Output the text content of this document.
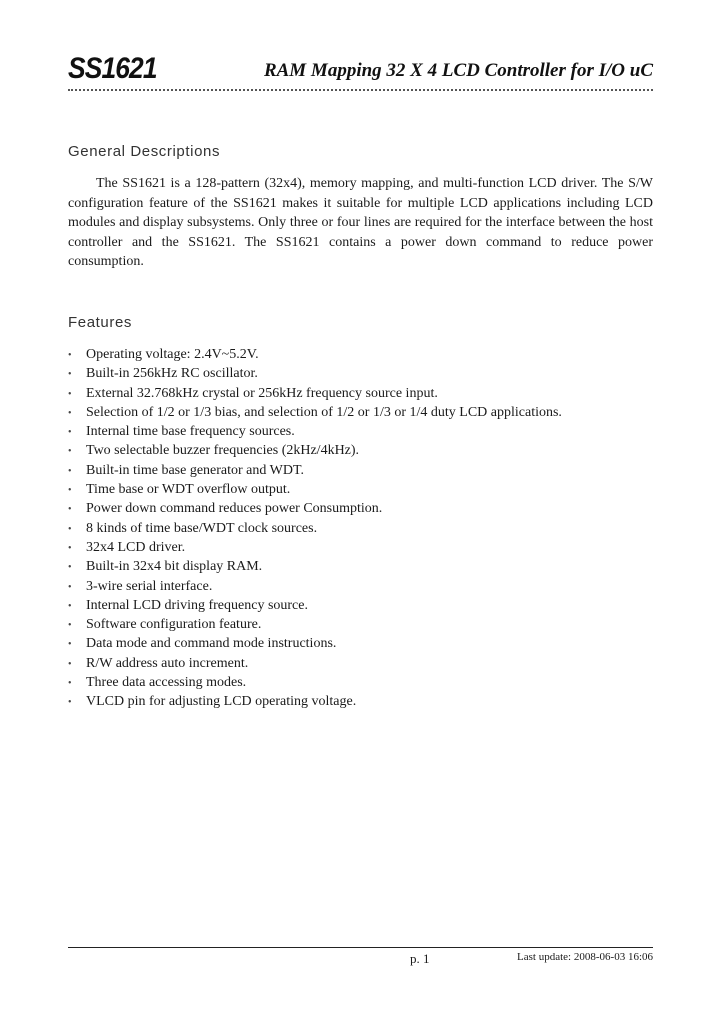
SS1621	RAM Mapping 32 X 4 LCD Controller for I/O uC
General Descriptions
The SS1621 is a 128-pattern (32x4), memory mapping, and multi-function LCD driver. The S/W configuration feature of the SS1621 makes it suitable for multiple LCD applications including LCD modules and display subsystems. Only three or four lines are required for the interface between the host controller and the SS1621. The SS1621 contains a power down command to reduce power consumption.
Features
• Operating voltage: 2.4V~5.2V.
• Built-in 256kHz RC oscillator.
• External 32.768kHz crystal or 256kHz frequency source input.
• Selection of 1/2 or 1/3 bias, and selection of 1/2 or 1/3 or 1/4 duty LCD applications.
• Internal time base frequency sources.
• Two selectable buzzer frequencies (2kHz/4kHz).
• Built-in time base generator and WDT.
• Time base or WDT overflow output.
• Power down command reduces power Consumption.
• 8 kinds of time base/WDT clock sources.
• 32x4 LCD driver.
• Built-in 32x4 bit display RAM.
• 3-wire serial interface.
• Internal LCD driving frequency source.
• Software configuration feature.
• Data mode and command mode instructions.
• R/W address auto increment.
• Three data accessing modes.
• VLCD pin for adjusting LCD operating voltage.
p. 1	Last update: 2008-06-03 16:06
